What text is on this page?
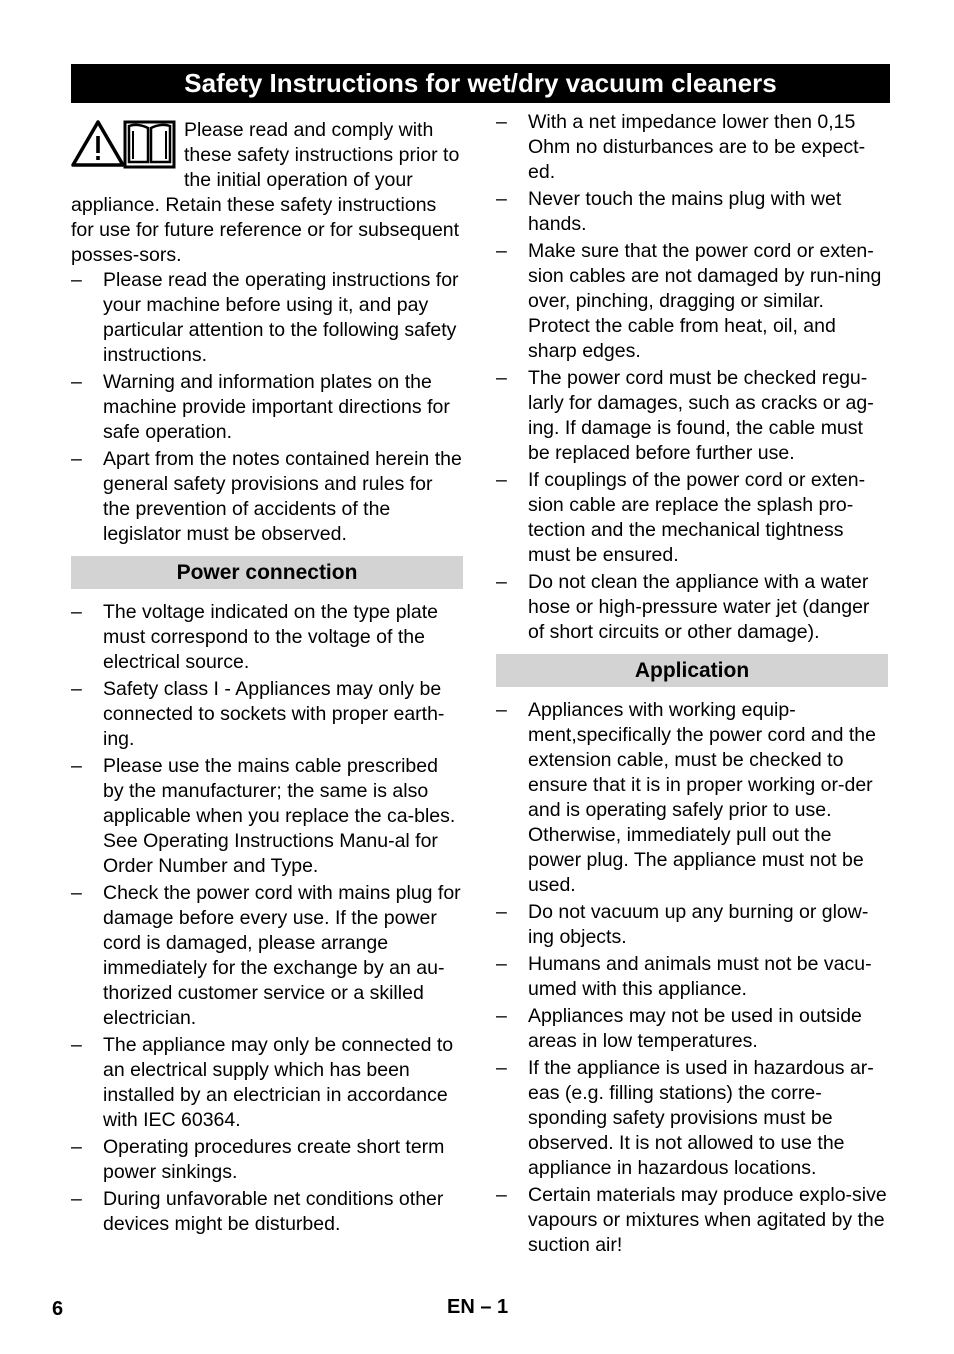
Safety Instructions for wet/dry vacuum cleaners

Please read and comply with these safety instructions prior to the initial operation of your appliance. Retain these safety instructions for use for future reference or for subsequent posses-sors.

– Please read the operating instructions for your machine before using it, and pay particular attention to the following safety instructions.
– Warning and information plates on the machine provide important directions for safe operation.
– Apart from the notes contained herein the general safety provisions and rules for the prevention of accidents of the legislator must be observed.
Power connection
– The voltage indicated on the type plate must correspond to the voltage of the electrical source.
– Safety class I - Appliances may only be connected to sockets with proper earth-ing.
– Please use the mains cable prescribed by the manufacturer; the same is also applicable when you replace the ca-bles. See Operating Instructions Manu-al for Order Number and Type.
– Check the power cord with mains plug for damage before every use. If the power cord is damaged, please arrange immediately for the exchange by an au-thorized customer service or a skilled electrician.
– The appliance may only be connected to an electrical supply which has been installed by an electrician in accordance with IEC 60364.
– Operating procedures create short term power sinkings.
– During unfavorable net conditions other devices might be disturbed.
– With a net impedance lower then 0,15 Ohm no disturbances are to be expect-ed.
– Never touch the mains plug with wet hands.
– Make sure that the power cord or exten-sion cables are not damaged by run-ning over, pinching, dragging or similar. Protect the cable from heat, oil, and sharp edges.
– The power cord must be checked regu-larly for damages, such as cracks or ag-ing. If damage is found, the cable must be replaced before further use.
– If couplings of the power cord or exten-sion cable are replace the splash pro-tection and the mechanical tightness must be ensured.
– Do not clean the appliance with a water hose or high-pressure water jet (danger of short circuits or other damage).
Application
– Appliances with working equip-ment,specifically the power cord and the extension cable, must be checked to ensure that it is in proper working or-der and is operating safely prior to use. Otherwise, immediately pull out the power plug. The appliance must not be used.
– Do not vacuum up any burning or glow-ing objects.
– Humans and animals must not be vacu-umed with this appliance.
– Appliances may not be used in outside areas in low temperatures.
– If the appliance is used in hazardous ar-eas (e.g. filling stations) the corre-sponding safety provisions must be observed. It is not allowed to use the appliance in hazardous locations.
– Certain materials may produce explo-sive vapours or mixtures when agitated by the suction air!
6	EN – 1
